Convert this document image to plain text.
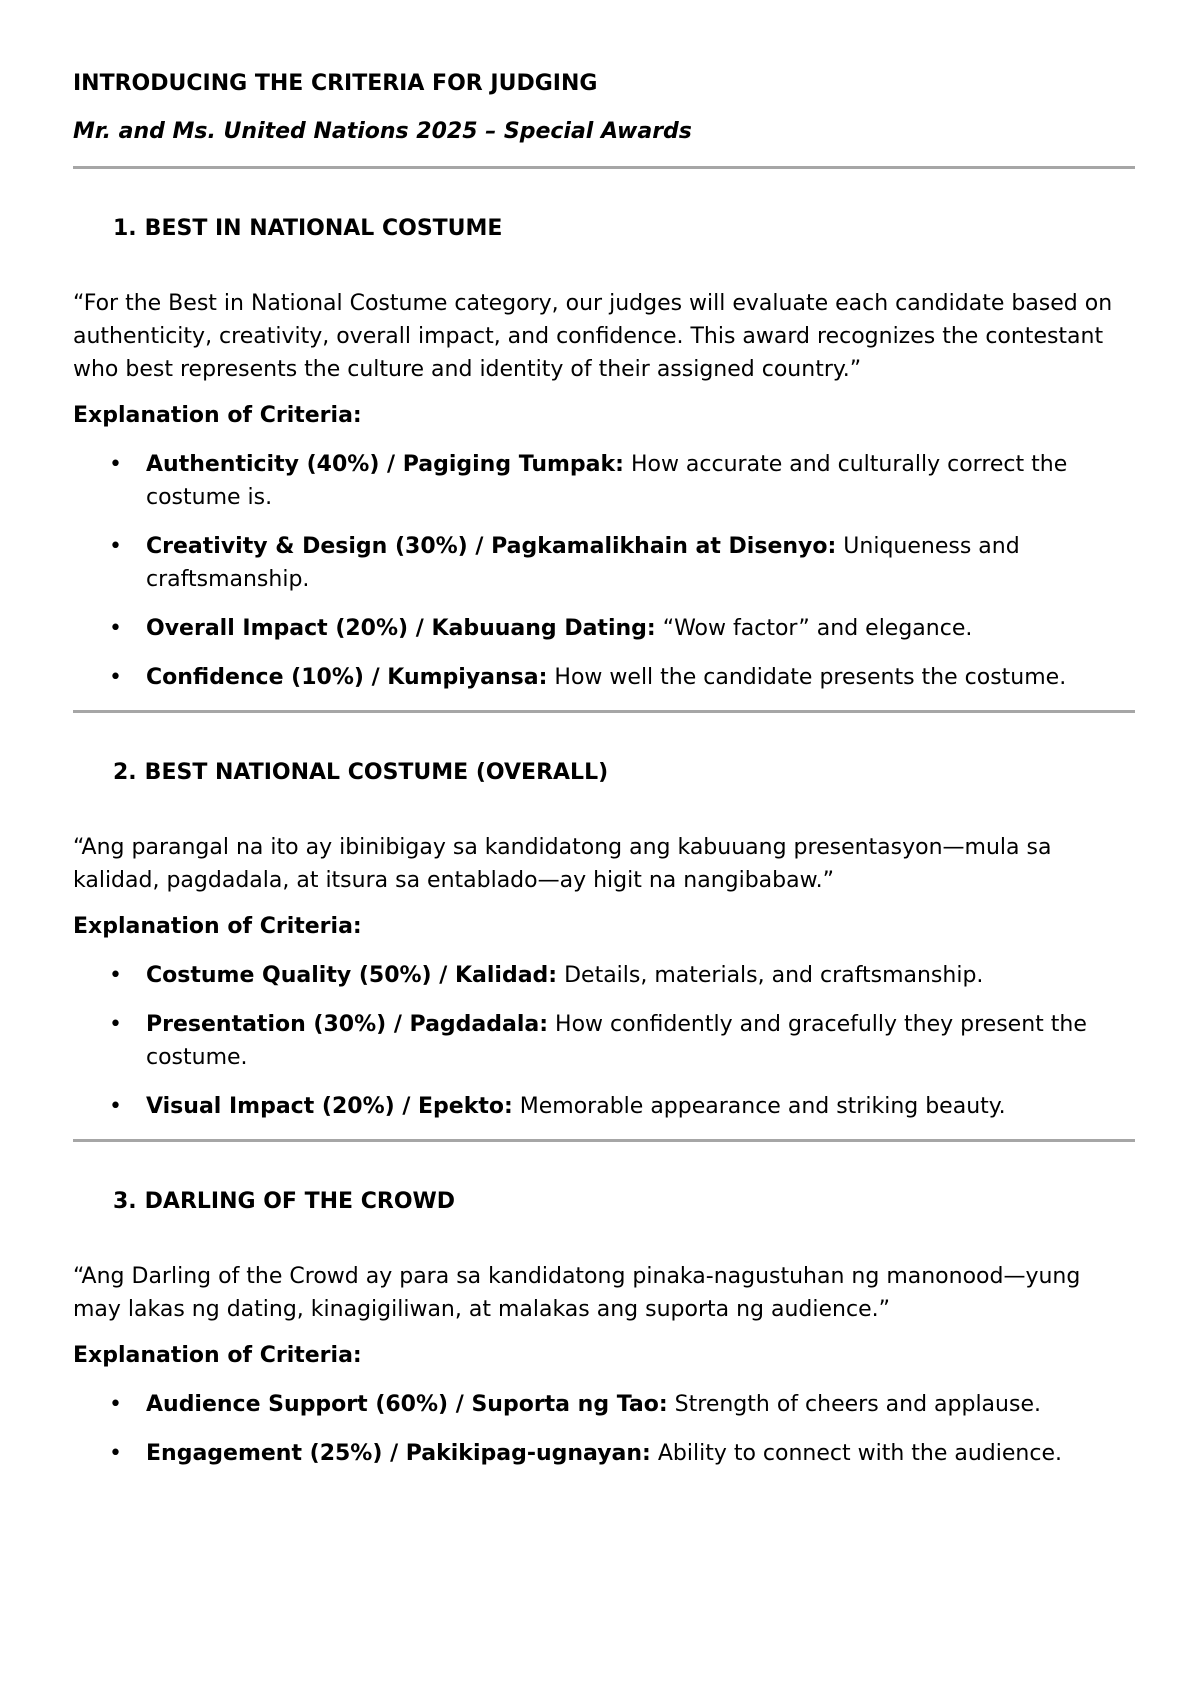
INTRODUCING THE CRITERIA FOR JUDGING
Mr. and Ms. United Nations 2025 – Special Awards
1. BEST IN NATIONAL COSTUME
“For the Best in National Costume category, our judges will evaluate each candidate based on authenticity, creativity, overall impact, and confidence. This award recognizes the contestant who best represents the culture and identity of their assigned country.”
Explanation of Criteria:
• Authenticity (40%) / Pagiging Tumpak: How accurate and culturally correct the costume is.
• Creativity & Design (30%) / Pagkamalikhain at Disenyo: Uniqueness and craftsmanship.
• Overall Impact (20%) / Kabuuang Dating: “Wow factor” and elegance.
• Confidence (10%) / Kumpiyansa: How well the candidate presents the costume.
2. BEST NATIONAL COSTUME (OVERALL)
“Ang parangal na ito ay ibinibigay sa kandidatong ang kabuuang presentasyon—mula sa kalidad, pagdadala, at itsura sa entablado—ay higit na nangibabaw.”
Explanation of Criteria:
• Costume Quality (50%) / Kalidad: Details, materials, and craftsmanship.
• Presentation (30%) / Pagdadala: How confidently and gracefully they present the costume.
• Visual Impact (20%) / Epekto: Memorable appearance and striking beauty.
3. DARLING OF THE CROWD
“Ang Darling of the Crowd ay para sa kandidatong pinaka-nagustuhan ng manonood—yung may lakas ng dating, kinagigiliwan, at malakas ang suporta ng audience.”
Explanation of Criteria:
• Audience Support (60%) / Suporta ng Tao: Strength of cheers and applause.
• Engagement (25%) / Pakikipag-ugnayan: Ability to connect with the audience.
